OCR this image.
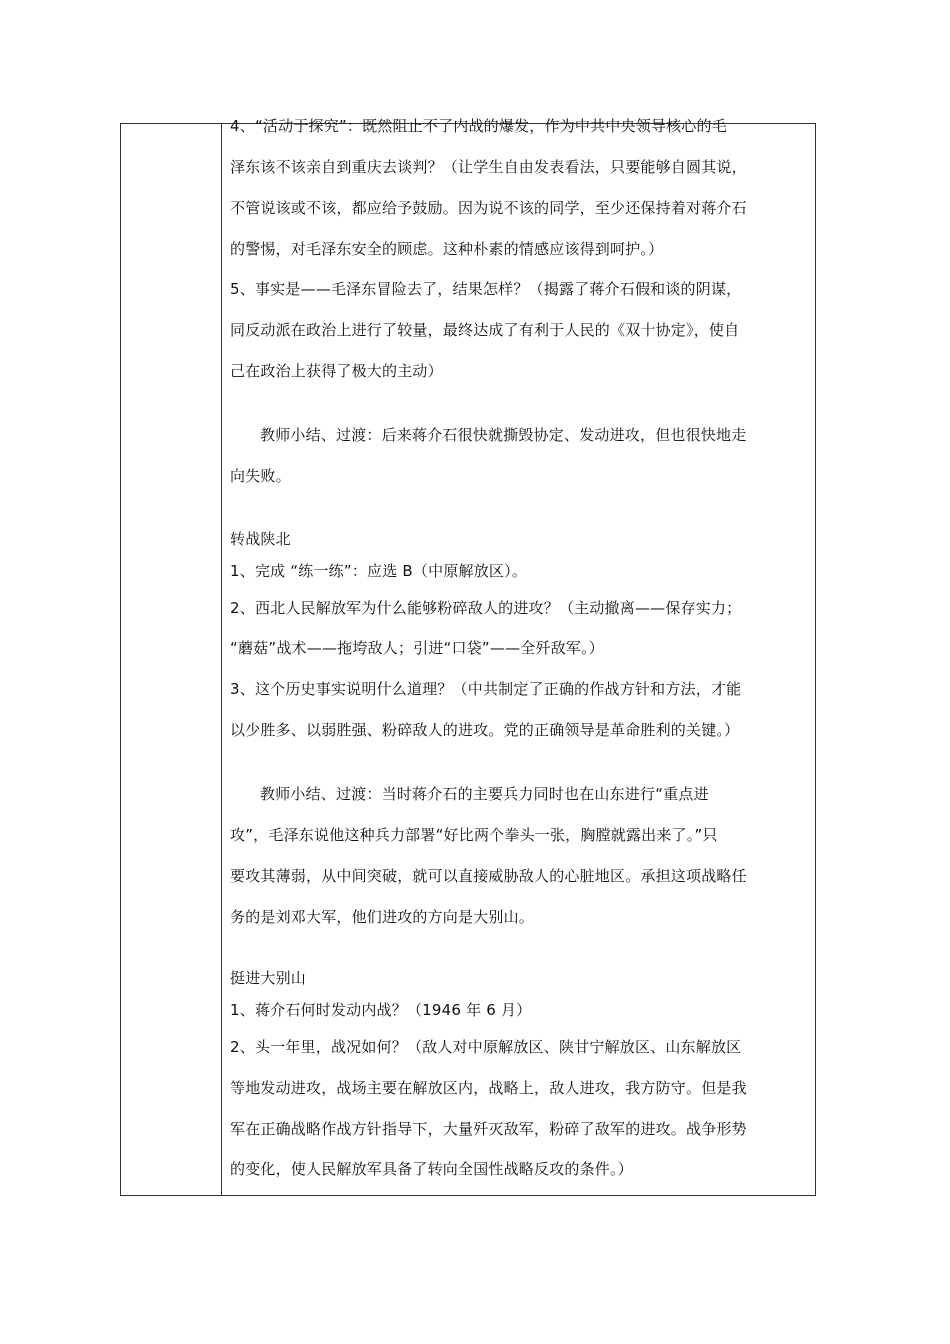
4、“活动于探究”：既然阻止不了内战的爆发，作为中共中央领导核心的毛
泽东该不该亲自到重庆去谈判？（让学生自由发表看法，只要能够自圆其说，
不管说该或不该，都应给予鼓励。因为说不该的同学，至少还保持着对蒋介石
的警惕，对毛泽东安全的顾虑。这种朴素的情感应该得到呵护。）
5、事实是——毛泽东冒险去了，结果怎样？（揭露了蒋介石假和谈的阴谋，
同反动派在政治上进行了较量，最终达成了有利于人民的《双十协定》，使自
己在政治上获得了极大的主动）
教师小结、过渡：后来蒋介石很快就撕毁协定、发动进攻，但也很快地走
向失败。
转战陕北
1、完成 “练一练”：应选 B（中原解放区）。
2、西北人民解放军为什么能够粉碎敌人的进攻？（主动撤离——保存实力；
“蘑菇”战术——拖垮敌人；引进“口袋”——全歼敌军。）
3、这个历史事实说明什么道理？（中共制定了正确的作战方针和方法，才能
以少胜多、以弱胜强、粉碎敌人的进攻。党的正确领导是革命胜利的关键。）
教师小结、过渡：当时蒋介石的主要兵力同时也在山东进行“重点进
攻”，毛泽东说他这种兵力部署“好比两个拳头一张，胸膛就露出来了。”只
要攻其薄弱，从中间突破，就可以直接威胁敌人的心脏地区。承担这项战略任
务的是刘邓大军，他们进攻的方向是大别山。
挺进大别山
1、蒋介石何时发动内战？（1946 年 6 月）
2、头一年里，战况如何？（敌人对中原解放区、陕甘宁解放区、山东解放区
等地发动进攻，战场主要在解放区内，战略上，敌人进攻，我方防守。但是我
军在正确战略作战方针指导下，大量歼灭敌军，粉碎了敌军的进攻。战争形势
的变化，使人民解放军具备了转向全国性战略反攻的条件。）
